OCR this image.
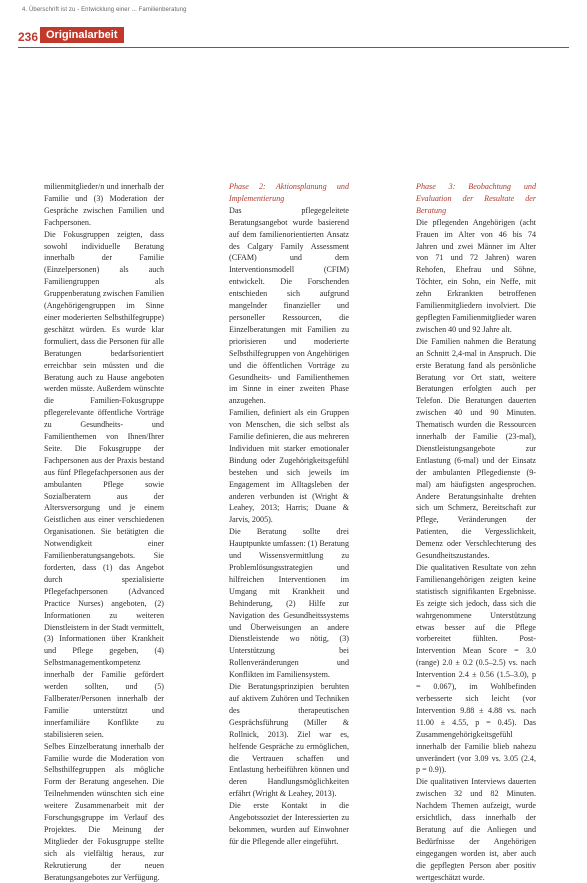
4. Überschrift ist zu - Entwicklung einer ... Familienberatung
236 Originalarbeit

milienmitglieder/n und innerhalb der Familie und (3) Moderation der Gespräche zwischen Familien und Fachpersonen.

Die Fokusgruppen zeigten, dass sowohl individuelle Beratung innerhalb der Familie (Einzelpersonen) als auch Familiengruppen als Gruppenberatung zwischen Familien (Angehörigengruppen im Sinne einer moderierten Selbsthilfegruppe) geschätzt würden. Es wurde klar formuliert, dass die Personen für alle Beratungen bedarfsorientiert erreichbar sein müssten und die Beratung auch zu Hause angeboten werden müsste. Außerdem wünschte die Familien-Fokusgruppe pflegerelevante öffentliche Vorträge zu Gesundheits- und Familienthemen von Ihnen/Ihrer Seite. Die Fokusgruppe der Fachpersonen aus der Praxis bestand aus fünf Pflegefachpersonen aus der ambulanten Pflege sowie Sozialberatern aus der Altersversorgung und je einem Geistlichen aus einer verschiedenen Organisationen. Sie betätigten die Notwendigkeit einer Familienberatungsangebots. Sie forderten, dass (1) das Angebot durch spezialisierte Pflegefachpersonen (Advanced Practice Nurses) angeboten, (2) Informationen zu weiteren Dienstleistern in der Stadt vermittelt, (3) Informationen über Krankheit und Pflege gegeben, (4) Selbstmanagementkompetenz innerhalb der Familie gefördert werden sollten, und (5) Fallberater/Personen innerhalb der Familie unterstützt und innerfamiliäre Konflikte zu stabilisieren seien.

Selbes Einzelberatung innerhalb der Familie wurde die Moderation von Selbsthilfegruppen als mögliche Form der Beratung angesehen. Die Teilnehmenden wünschten sich eine weitere Zusammenarbeit mit der Forschungsgruppe im Verlauf des Projektes. Die Meinung der Mitglieder der Fokusgruppe stellte sich als vielfältig heraus, zur Rekrutierung der neuen Beratungsangebotes zur Verfügung.

Phase 2: Aktionsplanung und Implementierung

Das pflegegeleitete Beratungsangebot wurde basierend auf dem familienorientierten Ansatz des Calgary Family Assessment (CFAM) und dem Interventionsmodell (CFIM) entwickelt. Die Forschenden entschieden sich aufgrund mangelnder finanzieller und personeller Ressourcen, die Einzelberatungen mit Familien zu priorisieren und moderierte Selbsthilfegruppen von Angehörigen und die öffentlichen Vorträge zu Gesundheits- und Familienthemen im Sinne in einer zweiten Phase anzugehen.

Familien, definiert als ein Gruppen von Menschen, die sich selbst als Familie definieren, die aus mehreren Individuen mit starker emotionaler Bindung oder Zugehörigkeitsgefühl bestehen und sich jeweils im Engagement im Alltagsleben der anderen verbunden ist (Wright & Leahey, 2013; Harris; Duane & Jarvis, 2005).

Die Beratung sollte drei Hauptpunkte umfassen: (1) Beratung und Wissensvermittlung zu Problemlösungsstrategien und hilfreichen Interventionen im Umgang mit Krankheit und Behinderung, (2) Hilfe zur Navigation des Gesundheitssystems und Überweisungen an andere Dienstleistende wo nötig, (3) Unterstützung bei Rollenveränderungen und Konflikten im Familiensystem.

Die Beratungsprinzipien beruhten auf aktivem Zuhören und Techniken des therapeutischen Gesprächsführung (Miller & Rollnick, 2013). Ziel war es, helfende Gespräche zu ermöglichen, die Vertrauen schaffen und Entlastung herbeiführen können und deren Handlungsmöglichkeiten erfährt (Wright & Leahey, 2013).

Die erste Kontakt in die Angebotssoziet der Interessierten zu bekommen, wurden auf Einwohner für die Pflegende aller eingeführt.

Phase 3: Beobachtung und Evaluation der Resultate der Beratung

Die pflegenden Angehörigen (acht Frauen im Alter von 46 bis 74 Jahren und zwei Männer im Alter von 71 und 72 Jahren) waren Rehofen, Ehefrau und Söhne, Töchter, ein Sohn, ein Neffe, mit zehn Erkrankten betroffenen Familienmitgliedern involviert. Die gepflegten Familienmitglieder waren zwischen 40 und 92 Jahre alt.

Die Familien nahmen die Beratung an Schnitt 2,4-mal in Anspruch. Die erste Beratung fand als persönliche Beratung vor Ort statt, weitere Beratungen erfolgten auch per Telefon. Die Beratungen dauerten zwischen 40 und 90 Minuten. Thematisch wurden die Ressourcen innerhalb der Familie (23-mal), Dienstleistungsangebote zur Entlastung (6-mal) und der Einsatz der ambulanten Pflegedienste (9-mal) am häufigsten angesprochen. Andere Beratungsinhalte drehten sich um Schmerz, Bereitschaft zur Pflege, Veränderungen der Patienten, die Vergesslichkeit, Demenz oder Verschlechterung des Gesundheitszustandes.

Die qualitativen Resultate von zehn Familienangehörigen zeigten keine statistisch signifikanten Ergebnisse. Es zeigte sich jedoch, dass sich die wahrgenommene Unterstützung etwas besser auf die Pflege vorbereitet fühlten. Post-Intervention Mean Score = 3.0 (range) 2.0 ± 0.2 (0.5–2.5) vs. nach Intervention 2.4 ± 0.56 (1.5–3.0), p = 0.067), im Wohlbefinden verbesserte sich leicht (vor Intervention 9.88 ± 4.88 vs. nach 11.00 ± 4.55, p = 0.45). Das Zusammengehörigkeitsgefühl innerhalb der Familie blieb nahezu unverändert (vor 3.09 vs. 3.05 (2.4, p = 0.9)).

Die qualitativen Interviews dauerten zwischen 32 und 82 Minuten. Nachdem Themen aufzeigt, wurde ersichtlich, dass innerhalb der Beratung auf die Anliegen und Bedürfnisse der Angehörigen eingegangen worden ist, aber auch die gepflegten Person aber positiv wertgeschätzt wurde.
